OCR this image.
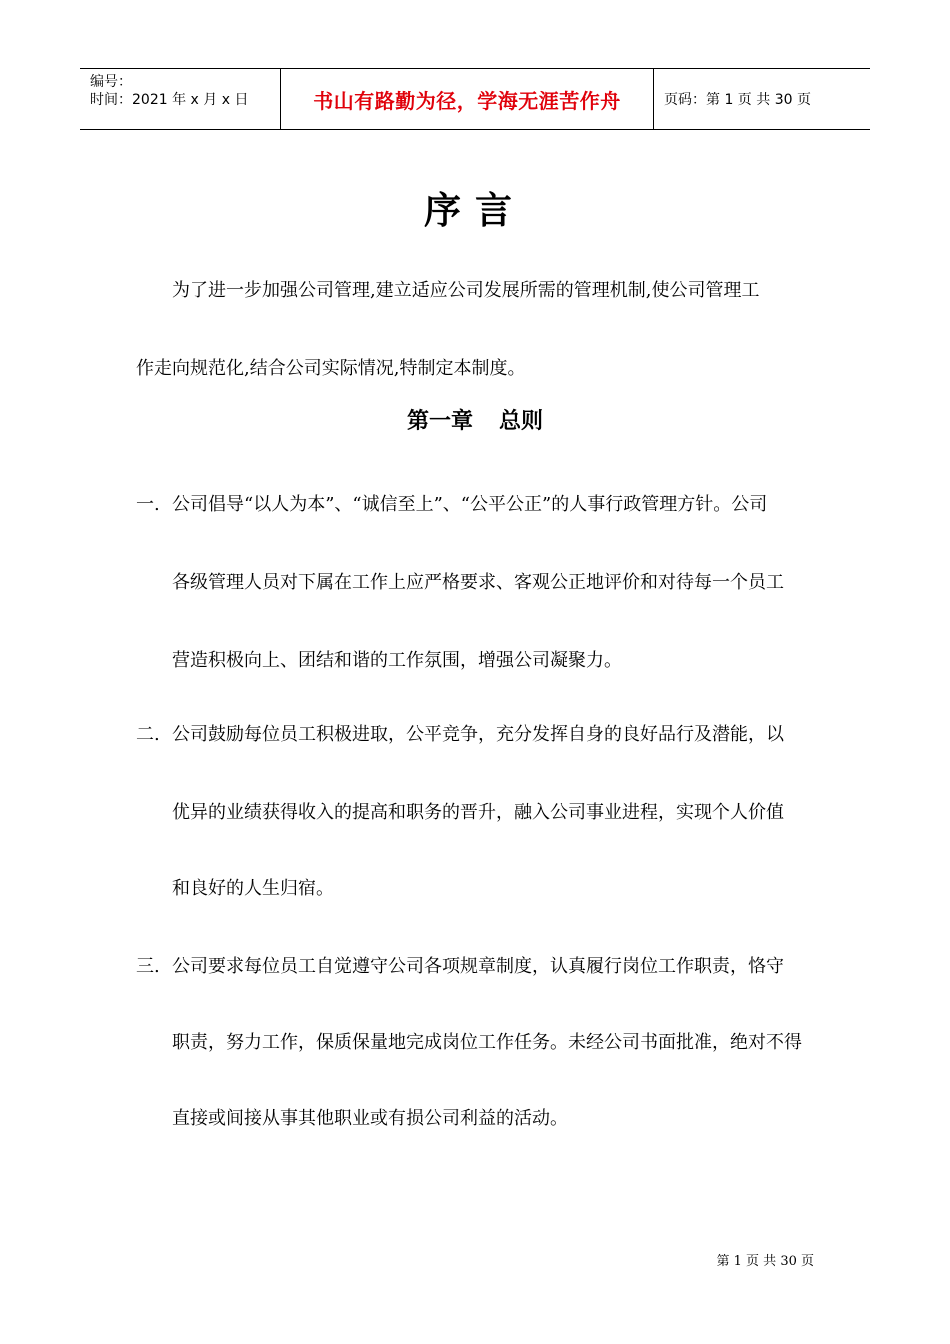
编号：
时间：2021 年 x 月 x 日	书山有路勤为径，学海无涯苦作舟	页码：第 1 页 共 30 页
序言
为了进一步加强公司管理,建立适应公司发展所需的管理机制,使公司管理工
作走向规范化,结合公司实际情况,特制定本制度。
第一章 总则
一. 公司倡导“以人为本”、“诚信至上”、“公平公正”的人事行政管理方针。公司
各级管理人员对下属在工作上应严格要求、客观公正地评价和对待每一个员工
营造积极向上、团结和谐的工作氛围，增强公司凝聚力。
二. 公司鼓励每位员工积极进取，公平竞争，充分发挥自身的良好品行及潜能，以
优异的业绩获得收入的提高和职务的晋升，融入公司事业进程，实现个人价值
和良好的人生归宿。
三. 公司要求每位员工自觉遵守公司各项规章制度，认真履行岗位工作职责，恪守
职责，努力工作，保质保量地完成岗位工作任务。未经公司书面批准，绝对不得
直接或间接从事其他职业或有损公司利益的活动。
第 1 页 共 30 页
